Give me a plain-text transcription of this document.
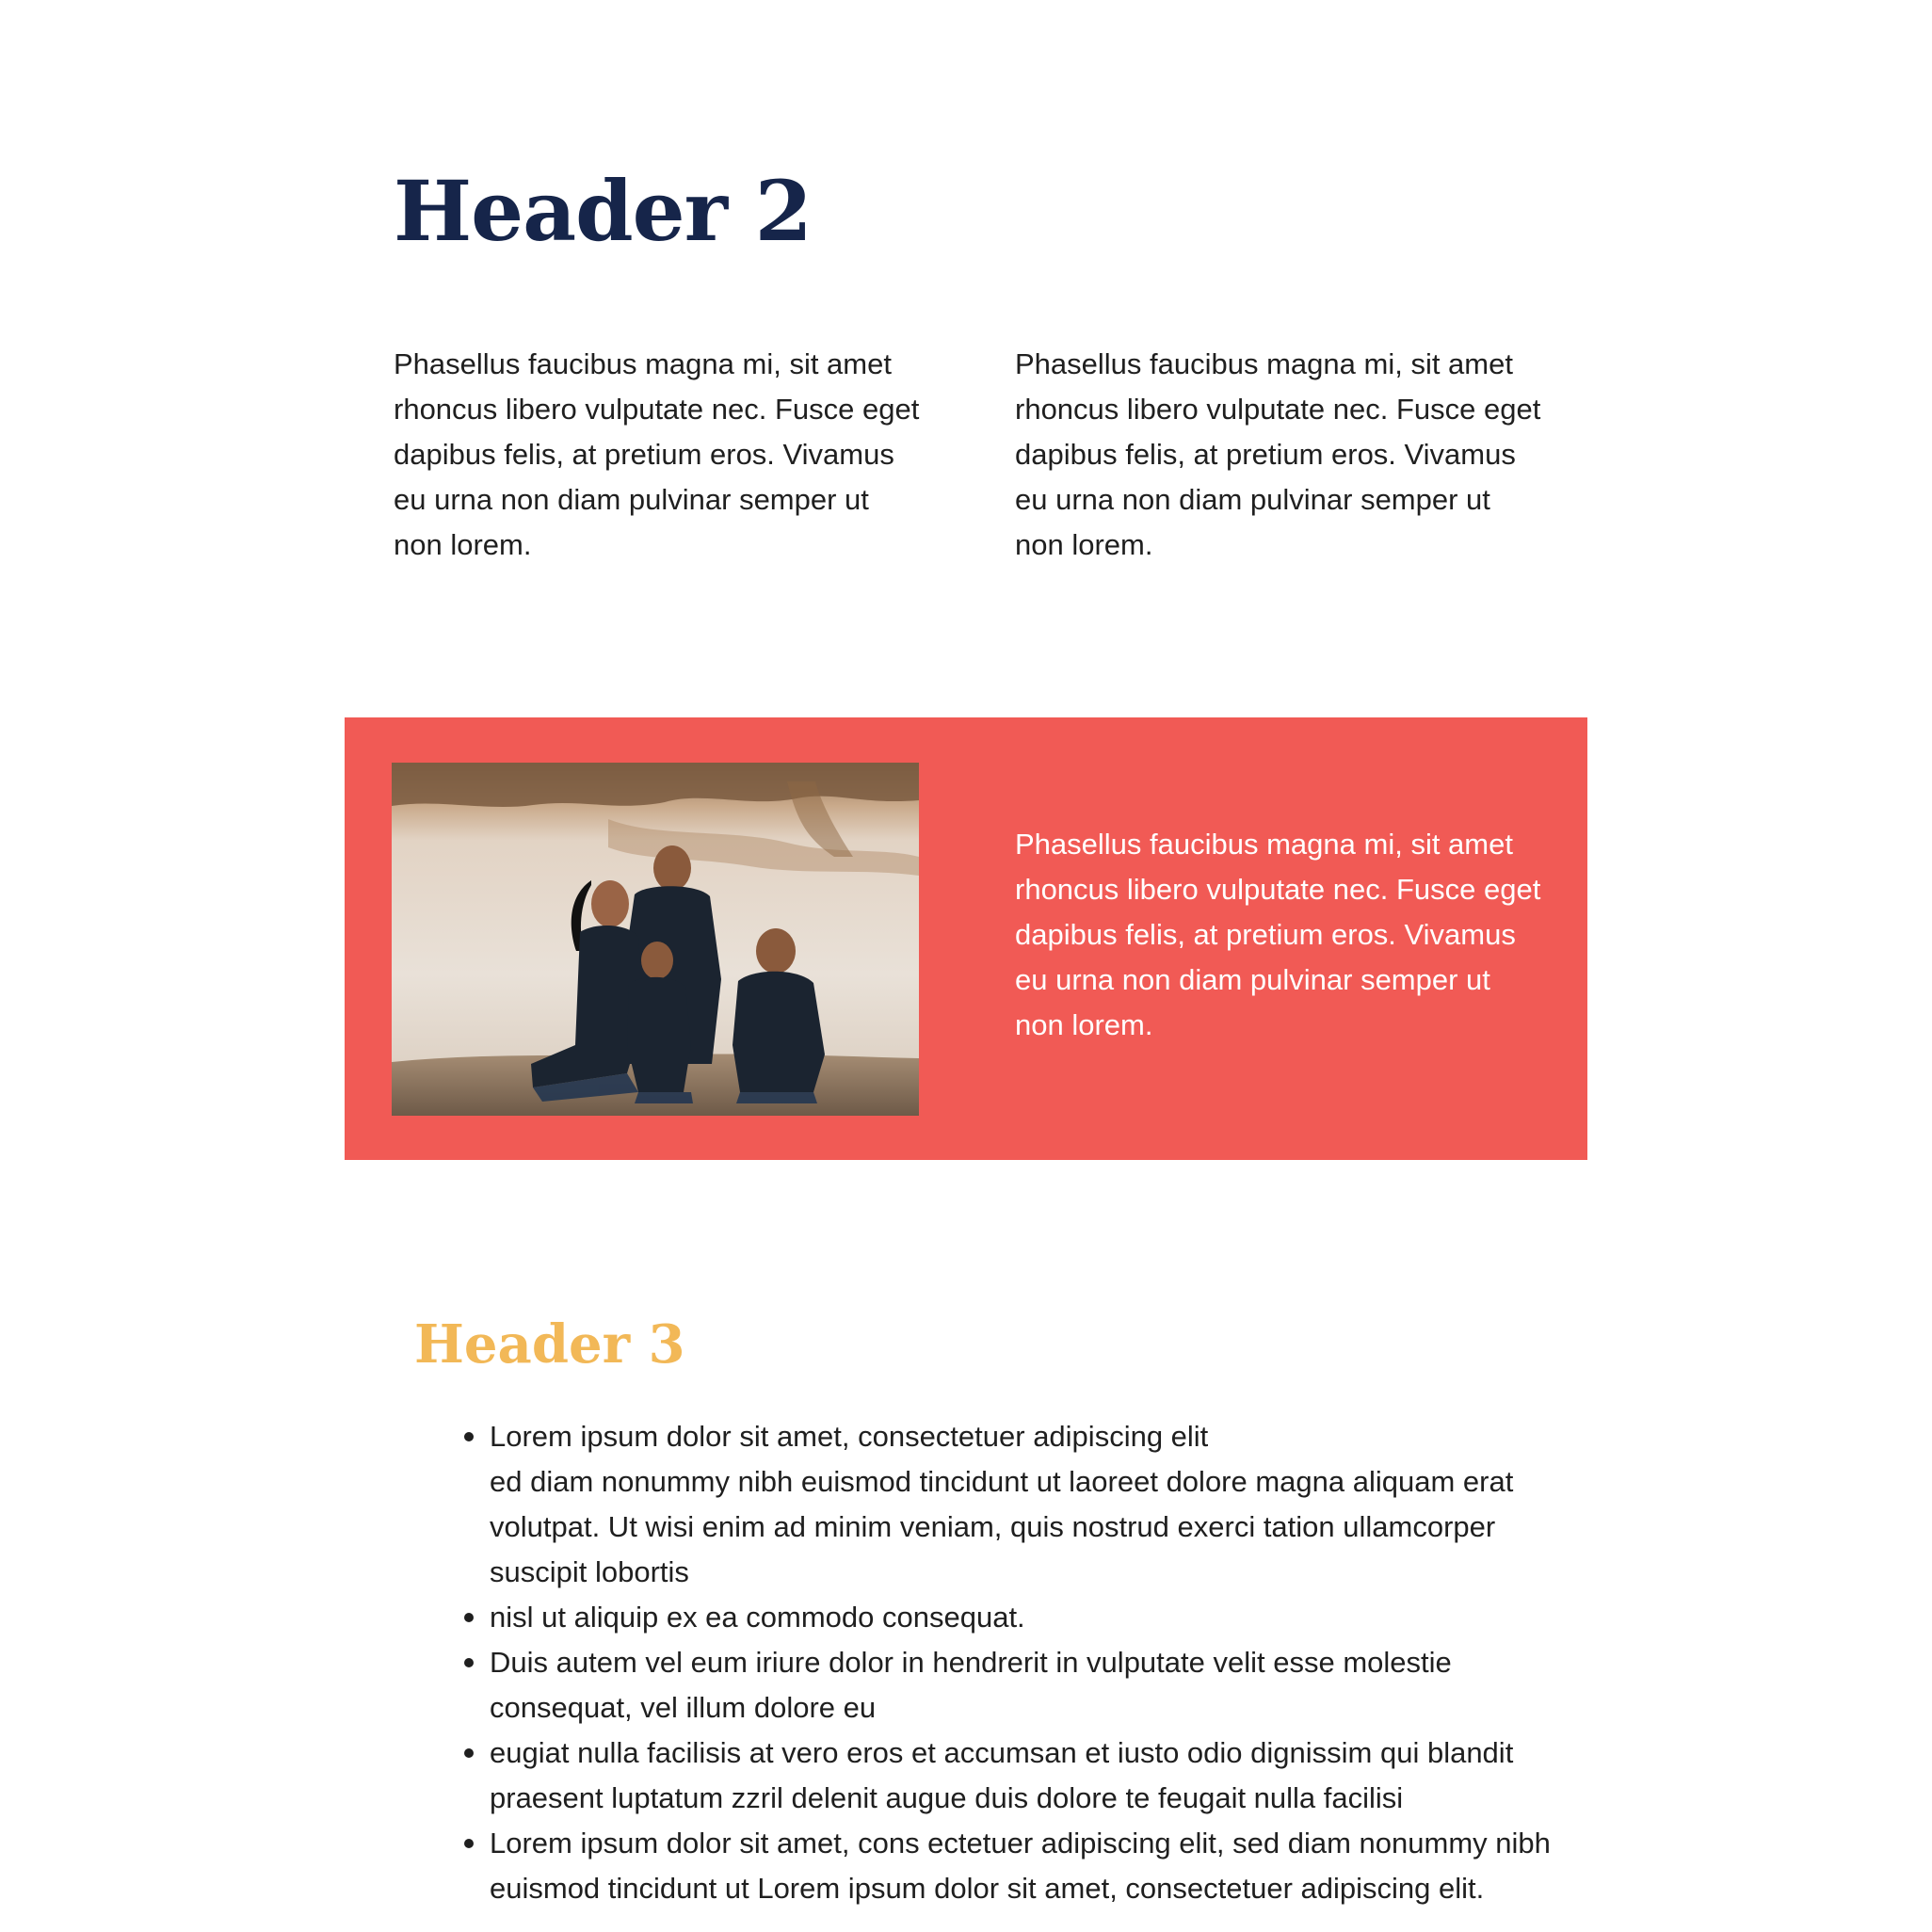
Header 2

Phasellus faucibus magna mi, sit amet rhoncus libero vulputate nec. Fusce eget dapibus felis, at pretium eros. Vivamus eu urna non diam pulvinar semper ut non lorem.

Phasellus faucibus magna mi, sit amet rhoncus libero vulputate nec. Fusce eget dapibus felis, at pretium eros. Vivamus eu urna non diam pulvinar semper ut non lorem.

Phasellus faucibus magna mi, sit amet rhoncus libero vulputate nec. Fusce eget dapibus felis, at pretium eros. Vivamus eu urna non diam pulvinar semper ut non lorem.

Header 3
Lorem ipsum dolor sit amet, consectetuer adipiscing elit
ed diam nonummy nibh euismod tincidunt ut laoreet dolore magna aliquam erat volutpat. Ut wisi enim ad minim veniam, quis nostrud exerci tation ullamcorper suscipit lobortis
nisl ut aliquip ex ea commodo consequat.
Duis autem vel eum iriure dolor in hendrerit in vulputate velit esse molestie consequat, vel illum dolore eu
eugiat nulla facilisis at vero eros et accumsan et iusto odio dignissim qui blandit praesent luptatum zzril delenit augue duis dolore te feugait nulla facilisi
Lorem ipsum dolor sit amet, cons ectetuer adipiscing elit, sed diam nonummy nibh euismod tincidunt ut Lorem ipsum dolor sit amet, consectetuer adipiscing elit.
